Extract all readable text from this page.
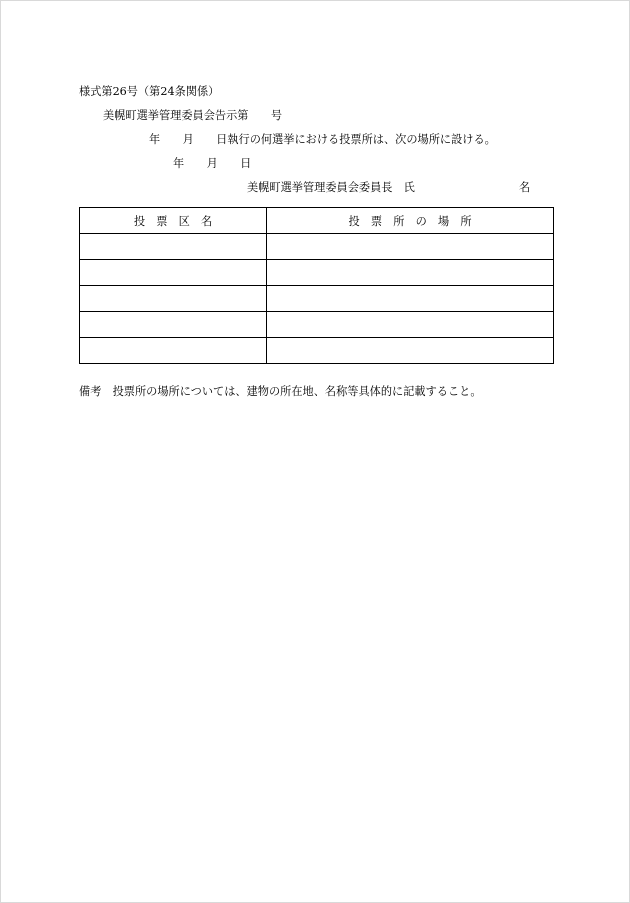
様式第26号（第24条関係）
美幌町選挙管理委員会告示第　　号
年　　月　　日執行の何選挙における投票所は、次の場所に設ける。
年　　月　　日
美幌町選挙管理委員会委員長　氏	名
投　票　区　名	投　票　所　の　場　所

備考　投票所の場所については、建物の所在地、名称等具体的に記載すること。
